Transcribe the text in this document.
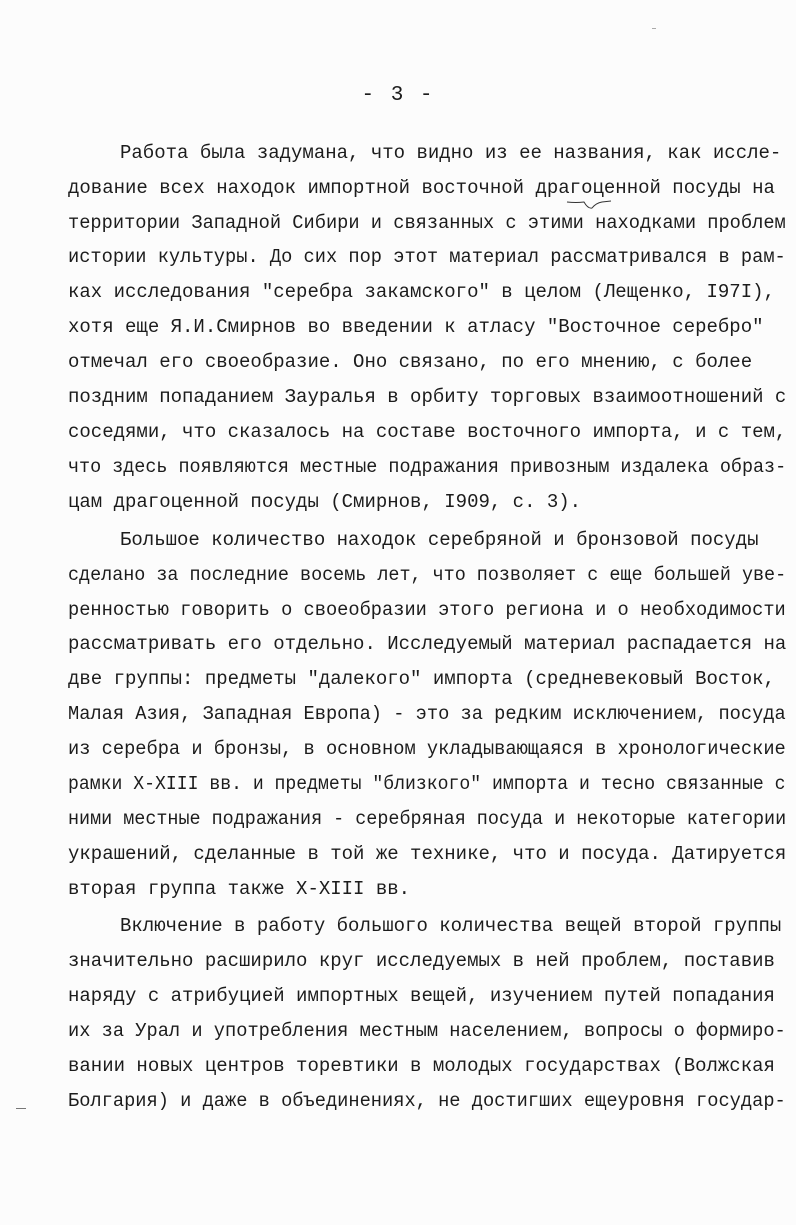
- 3 -
Работа была задумана, что видно из ее названия, как иссле-
дование всех находок импортной восточной драгоценной посуды на
территории Западной Сибири и связанных с этими находками проблем
истории культуры. До сих пор этот материал рассматривался в рам-
ках исследования "серебра закамского" в целом (Лещенко, I97I),
хотя еще Я.И.Смирнов во введении к атласу "Восточное серебро"
отмечал его своеобразие. Оно связано, по его мнению, с более
поздним попаданием Зауралья в орбиту торговых взаимоотношений с
соседями, что сказалось на составе восточного импорта, и с тем,
что здесь появляются местные подражания привозным издалека образ-
цам драгоценной посуды (Смирнов, I909, с. 3).
Большое количество находок серебряной и бронзовой посуды
сделано за последние восемь лет, что позволяет с еще большей уве-
ренностью говорить о своеобразии этого региона и о необходимости
рассматривать его отдельно. Исследуемый материал распадается на
две группы: предметы "далекого" импорта (средневековый Восток,
Малая Азия, Западная Европа) - это за редким исключением, посуда
из серебра и бронзы, в основном укладывающаяся в хронологические
рамки X-XIII вв. и предметы "близкого" импорта и тесно связанные с
ними местные подражания - серебряная посуда и некоторые категории
украшений, сделанные в той же технике, что и посуда. Датируется
вторая группа также X-XIII вв.
Включение в работу большого количества вещей второй группы
значительно расширило круг исследуемых в ней проблем, поставив
наряду с атрибуцией импортных вещей, изучением путей попадания
их за Урал и употребления местным населением, вопросы о формиро-
вании новых центров торевтики в молодых государствах (Волжская
Болгария) и даже в объединениях, не достигших ещеуровня государ-
